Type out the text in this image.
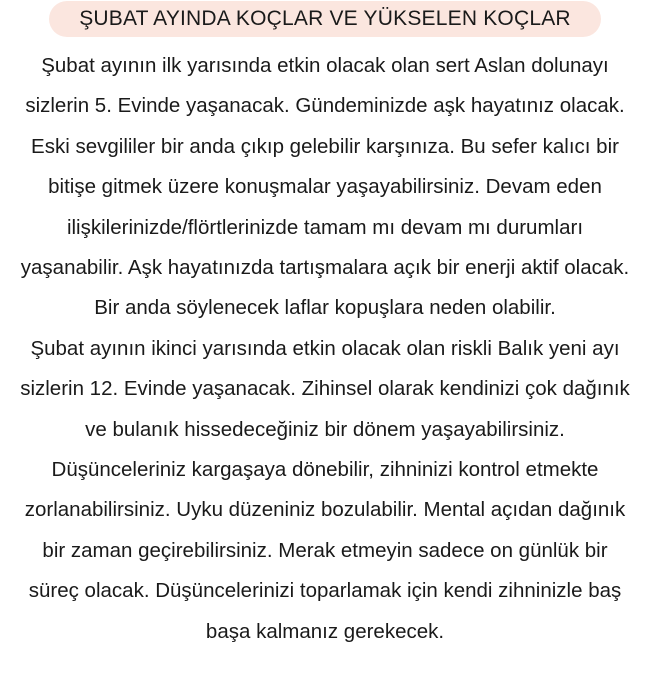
ŞUBAT AYINDA KOÇLAR VE YÜKSELEN KOÇLAR
Şubat ayının ilk yarısında etkin olacak olan sert Aslan dolunayı
sizlerin 5. Evinde yaşanacak. Gündeminizde aşk hayatınız olacak.
Eski sevgililer bir anda çıkıp gelebilir karşınıza. Bu sefer kalıcı bir
bitişe gitmek üzere konuşmalar yaşayabilirsiniz. Devam eden
ilişkilerinizde/flörtlerinizde tamam mı devam mı durumları
yaşanabilir. Aşk hayatınızda tartışmalara açık bir enerji aktif olacak.
Bir anda söylenecek laflar kopuşlara neden olabilir.
Şubat ayının ikinci yarısında etkin olacak olan riskli Balık yeni ayı
sizlerin 12. Evinde yaşanacak. Zihinsel olarak kendinizi çok dağınık
ve bulanık hissedeceğiniz bir dönem yaşayabilirsiniz.
Düşünceleriniz kargaşaya dönebilir, zihninizi kontrol etmekte
zorlanabilirsiniz. Uyku düzeniniz bozulabilir. Mental açıdan dağınık
bir zaman geçirebilirsiniz. Merak etmeyin sadece on günlük bir
süreç olacak. Düşüncelerinizi toparlamak için kendi zihninizle baş
başa kalmanız gerekecek.
